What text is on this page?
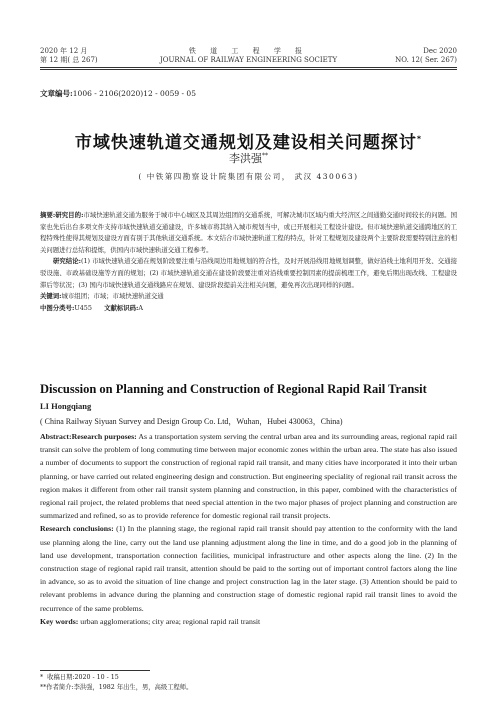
2020 年 12 月
第 12 期( 总 267)
铁 道 工 程 学 报
JOURNAL OF RAILWAY ENGINEERING SOCIETY
Dec 2020
NO. 12( Ser. 267)
文章编号:1006 - 2106(2020)12 - 0059 - 05
市域快速轨道交通规划及建设相关问题探讨*
李洪强**
( 中铁第四勘察设计院集团有限公司， 武汉 430063)

摘要:研究目的:市域快速轨道交通为服务于城市中心城区及其周边组团的交通系统，可解决城市区域内重大经济区之间通勤交通时间较长的问题。国家也先后出台多项文件支持市域快速轨道交通建设，许多城市将其纳入城市规划当中，或已开展相关工程设计建设。但市域快速轨道交通跨地区的工程特殊性使得其规划及建设方面有别于其他轨道交通系统。本文结合市域快速轨道工程的特点，针对工程规划及建设两个主要阶段需要特别注意的相关问题进行总结和提炼，供国内市域快速轨道交通工程参考。

研究结论:(1) 市域快速轨道交通在规划阶段要注重与沿线周边用地规划的符合性，及时开展沿线用地规划调整，做好沿线土地利用开发、交通接驳设施、市政基础设施等方面的规划；(2) 市域快速轨道交通在建设阶段要注重对沿线重要控制因素的提前梳理工作，避免后期出现改线、工程建设滞后等状况；(3) 国内市域快速轨道交通线路应在规划、建设阶段提前关注相关问题，避免再次出现同样的问题。

关键词:城市组团；市域；市域快速轨道交通

中图分类号:U455 文献标识码:A

Discussion on Planning and Construction of Regional Rapid Rail Transit
LI Hongqiang
( China Railway Siyuan Survey and Design Group Co. Ltd，Wuhan，Hubei 430063，China)

Abstract:Research purposes: As a transportation system serving the central urban area and its surrounding areas, regional rapid rail transit can solve the problem of long commuting time between major economic zones within the urban area. The state has also issued a number of documents to support the construction of regional rapid rail transit, and many cities have incorporated it into their urban planning, or have carried out related engineering design and construction. But engineering speciality of regional rail transit across the region makes it different from other rail transit system planning and construction, in this paper, combined with the characteristics of regional rail project, the related problems that need special attention in the two major phases of project planning and construction are summarized and refined, so as to provide reference for domestic regional rail transit projects.

Research conclusions: (1) In the planning stage, the regional rapid rail transit should pay attention to the conformity with the land use planning along the line, carry out the land use planning adjustment along the line in time, and do a good job in the planning of land use development, transportation connection facilities, municipal infrastructure and other aspects along the line. (2) In the construction stage of regional rapid rail transit, attention should be paid to the sorting out of important control factors along the line in advance, so as to avoid the situation of line change and project construction lag in the later stage. (3) Attention should be paid to relevant problems in advance during the planning and construction stage of domestic regional rapid rail transit lines to avoid the recurrence of the same problems.

Key words: urban agglomerations; city area; regional rapid rail transit

* 收稿日期:2020 - 10 - 15
**作者简介:李洪强，1982 年出生，男，高级工程师。
